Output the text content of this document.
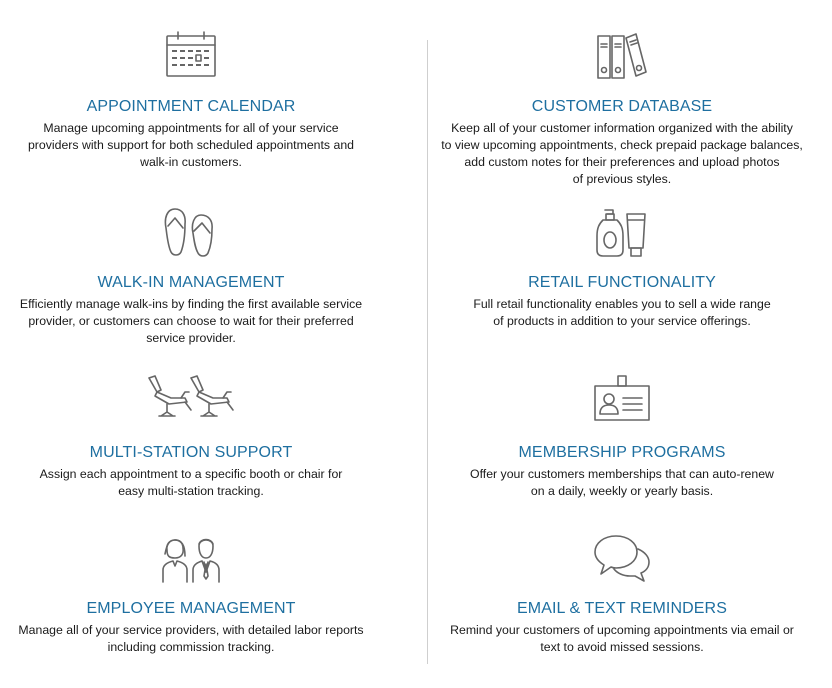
APPOINTMENT CALENDAR

Manage upcoming appointments for all of your service
providers with support for both scheduled appointments and
walk-in customers.

WALK-IN MANAGEMENT

Efficiently manage walk-ins by finding the first available service
provider, or customers can choose to wait for their preferred
service provider.

MULTI-STATION SUPPORT

Assign each appointment to a specific booth or chair for
easy multi-station tracking.

EMPLOYEE MANAGEMENT

Manage all of your service providers, with detailed labor reports
including commission tracking.

CUSTOMER DATABASE

Keep all of your customer information organized with the ability
to view upcoming appointments, check prepaid package balances,
add custom notes for their preferences and upload photos
of previous styles.

RETAIL FUNCTIONALITY

Full retail functionality enables you to sell a wide range
of products in addition to your service offerings.

MEMBERSHIP PROGRAMS

Offer your customers memberships that can auto-renew
on a daily, weekly or yearly basis.

EMAIL & TEXT REMINDERS

Remind your customers of upcoming appointments via email or
text to avoid missed sessions.
